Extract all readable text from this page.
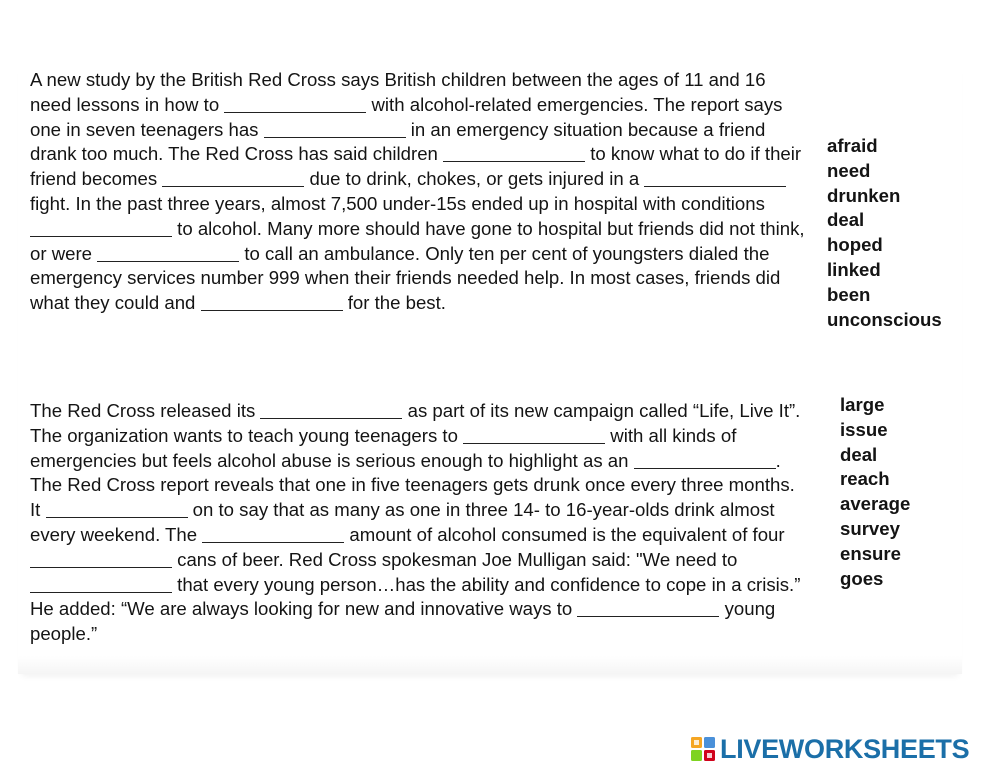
A new study by the British Red Cross says British children between the ages of 11 and 16 need lessons in how to	with alcohol-related emergencies. The report says one in seven teenagers has	in an emergency situation because a friend drank too much. The Red Cross has said children	to know what to do if their friend becomes	due to drink, chokes, or gets injured in a  fight. In the past three years, almost 7,500 under-15s ended up in hospital with conditions  to alcohol. Many more should have gone to hospital but friends did not think, or were	to call an ambulance. Only ten per cent of youngsters dialed the emergency services number 999 when their friends needed help. In most cases, friends did what they could and	for the best.

afraid
need
drunken
deal
hoped
linked
been
unconscious

The Red Cross released its	as part of its new campaign called “Life, Live It”. The organization wants to teach young teenagers to	with all kinds of emergencies but feels alcohol abuse is serious enough to highlight as an	. The Red Cross report reveals that one in five teenagers gets drunk once every three months. It	on to say that as many as one in three 14- to 16-year-olds drink almost every weekend. The	amount of alcohol consumed is the equivalent of four  cans of beer. Red Cross spokesman Joe Mulligan said: "We need to  that every young person…has the ability and confidence to cope in a crisis.” He added: “We are always looking for new and innovative ways to	young people.”

large
issue
deal
reach
average
survey
ensure
goes
LIVEWORKSHEETS
